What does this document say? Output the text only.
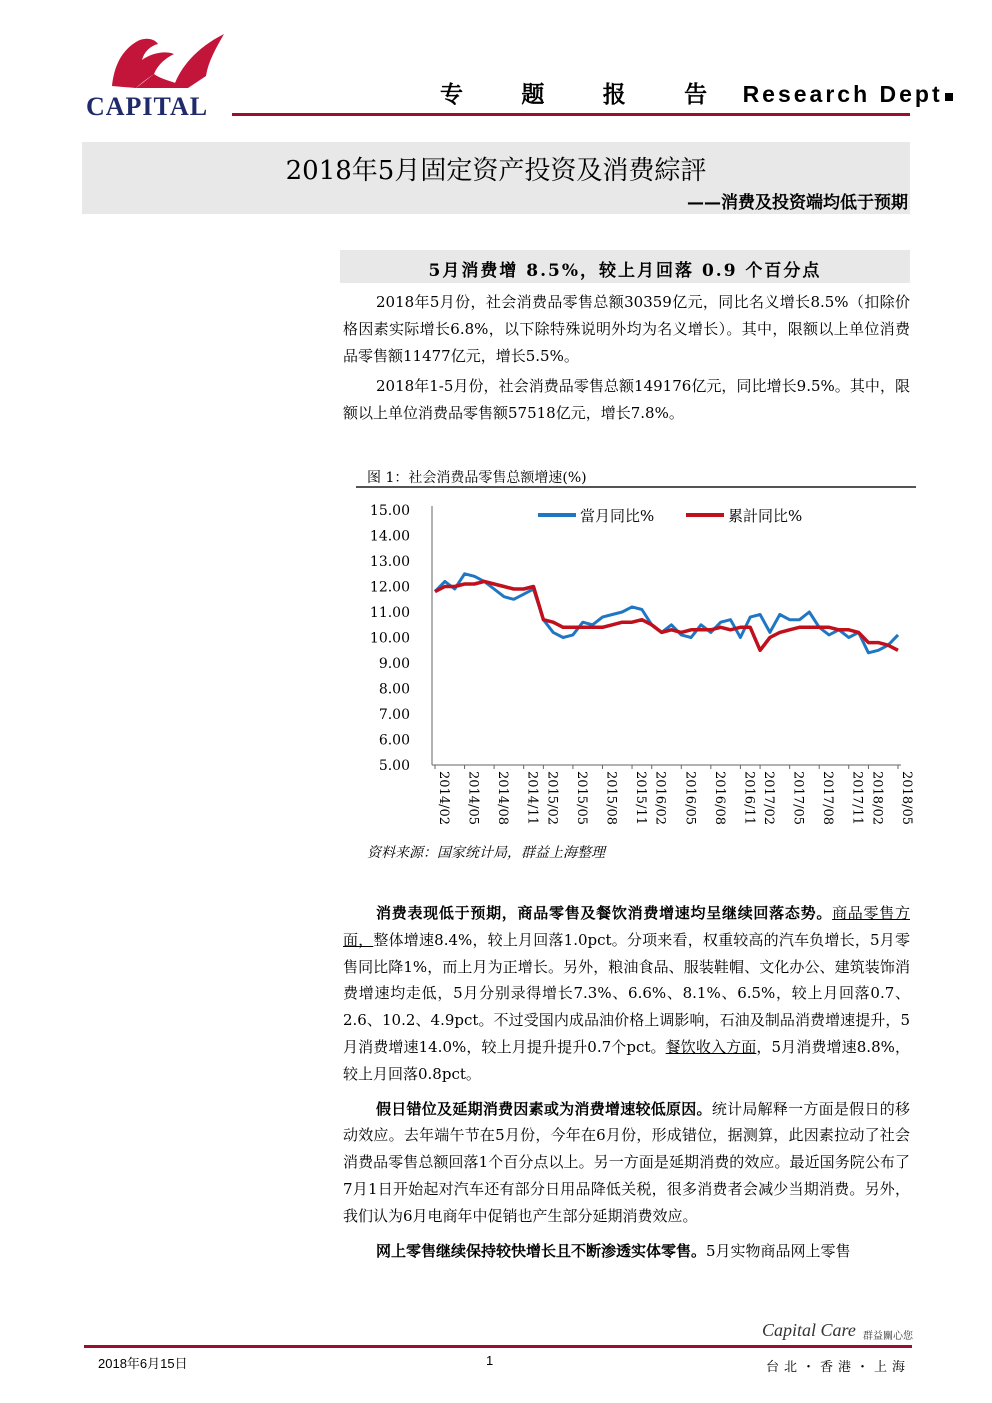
CAPITAL	专 题 报 告 Research Dept
2018年5月固定资产投资及消费綜評
——消费及投资端均低于预期
5月消费增 8.5%，较上月回落 0.9 个百分点

2018年5月份，社会消费品零售总额30359亿元，同比名义增长8.5%（扣除价格因素实际增长6.8%，以下除特殊说明外均为名义增长）。其中，限额以上单位消费品零售额11477亿元，增长5.5%。

2018年1-5月份，社会消费品零售总额149176亿元，同比增长9.5%。其中，限额以上单位消费品零售额57518亿元，增长7.8%。

图 1：社会消费品零售总额增速(%)
15.00
14.00
13.00
12.00
11.00
10.00
9.00
8.00
7.00
6.00
5.00
2014/02 2014/05 2014/08 2014/11 2015/02 2015/05 2015/08 2015/11 2016/02 2016/05 2016/08 2016/11 2017/02 2017/05 2017/08 2017/11 2018/02 2018/05
當月同比%	累計同比%
资料来源：国家统计局，群益上海整理

消费表现低于预期，商品零售及餐饮消费增速均呈继续回落态势。商品零售方面，整体增速8.4%，较上月回落1.0pct。分项来看，权重较高的汽车负增长，5月零售同比降1%，而上月为正增长。另外，粮油食品、服装鞋帽、文化办公、建筑装饰消费增速均走低，5月分别录得增长7.3%、6.6%、8.1%、6.5%，较上月回落0.7、2.6、10.2、4.9pct。不过受国内成品油价格上调影响，石油及制品消费增速提升，5月消费增速14.0%，较上月提升提升0.7个pct。餐饮收入方面，5月消费增速8.8%，较上月回落0.8pct。

假日错位及延期消费因素或为消费增速较低原因。统计局解释一方面是假日的移动效应。去年端午节在5月份，今年在6月份，形成错位，据测算，此因素拉动了社会消费品零售总额回落1个百分点以上。另一方面是延期消费的效应。最近国务院公布了7月1日开始起对汽车还有部分日用品降低关税，很多消费者会减少当期消费。另外，我们认为6月电商年中促销也产生部分延期消费效应。

网上零售继续保持较快增长且不断渗透实体零售。5月实物商品网上零售

Capital Care 群益關心您
2018年6月15日	1	台北・香港・上海
